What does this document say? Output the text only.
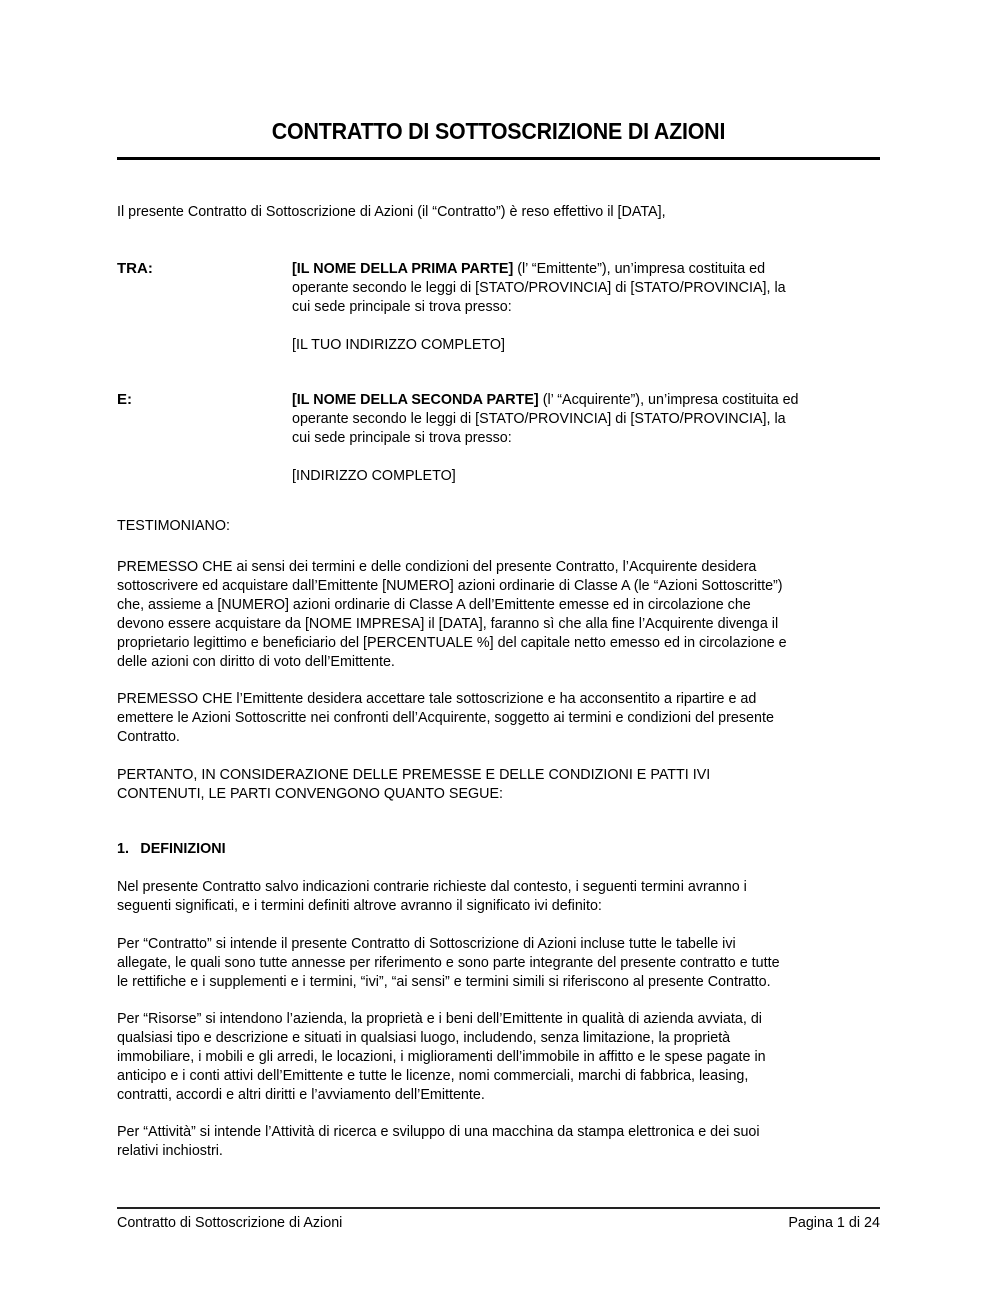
CONTRATTO DI SOTTOSCRIZIONE DI AZIONI
Il presente Contratto di Sottoscrizione di Azioni (il “Contratto”) è reso effettivo il [DATA],
TRA:	[IL NOME DELLA PRIMA PARTE] (l’ “Emittente”), un’impresa costituita ed
operante secondo le leggi di [STATO/PROVINCIA] di [STATO/PROVINCIA], la
cui sede principale si trova presso:
[IL TUO INDIRIZZO COMPLETO]
E:	[IL NOME DELLA SECONDA PARTE] (l’ “Acquirente”), un’impresa costituita ed
operante secondo le leggi di [STATO/PROVINCIA] di [STATO/PROVINCIA], la
cui sede principale si trova presso:
[INDIRIZZO COMPLETO]
TESTIMONIANO:
PREMESSO CHE ai sensi dei termini e delle condizioni del presente Contratto, l’Acquirente desidera
sottoscrivere ed acquistare dall’Emittente [NUMERO] azioni ordinarie di Classe A (le “Azioni Sottoscritte”)
che, assieme a [NUMERO] azioni ordinarie di Classe A dell’Emittente emesse ed in circolazione che
devono essere acquistare da [NOME IMPRESA] il [DATA], faranno sì che alla fine l’Acquirente divenga il
proprietario legittimo e beneficiario del [PERCENTUALE %] del capitale netto emesso ed in circolazione e
delle azioni con diritto di voto dell’Emittente.
PREMESSO CHE l’Emittente desidera accettare tale sottoscrizione e ha acconsentito a ripartire e ad
emettere le Azioni Sottoscritte nei confronti dell’Acquirente, soggetto ai termini e condizioni del presente
Contratto.
PERTANTO, IN CONSIDERAZIONE DELLE PREMESSE E DELLE CONDIZIONI E PATTI IVI
CONTENUTI, LE PARTI CONVENGONO QUANTO SEGUE:
1. DEFINIZIONI
Nel presente Contratto salvo indicazioni contrarie richieste dal contesto, i seguenti termini avranno i
seguenti significati, e i termini definiti altrove avranno il significato ivi definito:
Per “Contratto” si intende il presente Contratto di Sottoscrizione di Azioni incluse tutte le tabelle ivi
allegate, le quali sono tutte annesse per riferimento e sono parte integrante del presente contratto e tutte
le rettifiche e i supplementi e i termini, “ivi”, “ai sensi” e termini simili si riferiscono al presente Contratto.
Per “Risorse” si intendono l’azienda, la proprietà e i beni dell’Emittente in qualità di azienda avviata, di
qualsiasi tipo e descrizione e situati in qualsiasi luogo, includendo, senza limitazione, la proprietà
immobiliare, i mobili e gli arredi, le locazioni, i miglioramenti dell’immobile in affitto e le spese pagate in
anticipo e i conti attivi dell’Emittente e tutte le licenze, nomi commerciali, marchi di fabbrica, leasing,
contratti, accordi e altri diritti e l’avviamento dell’Emittente.
Per “Attività” si intende l’Attività di ricerca e sviluppo di una macchina da stampa elettronica e dei suoi
relativi inchiostri.
Contratto di Sottoscrizione di Azioni	Pagina 1 di 24
